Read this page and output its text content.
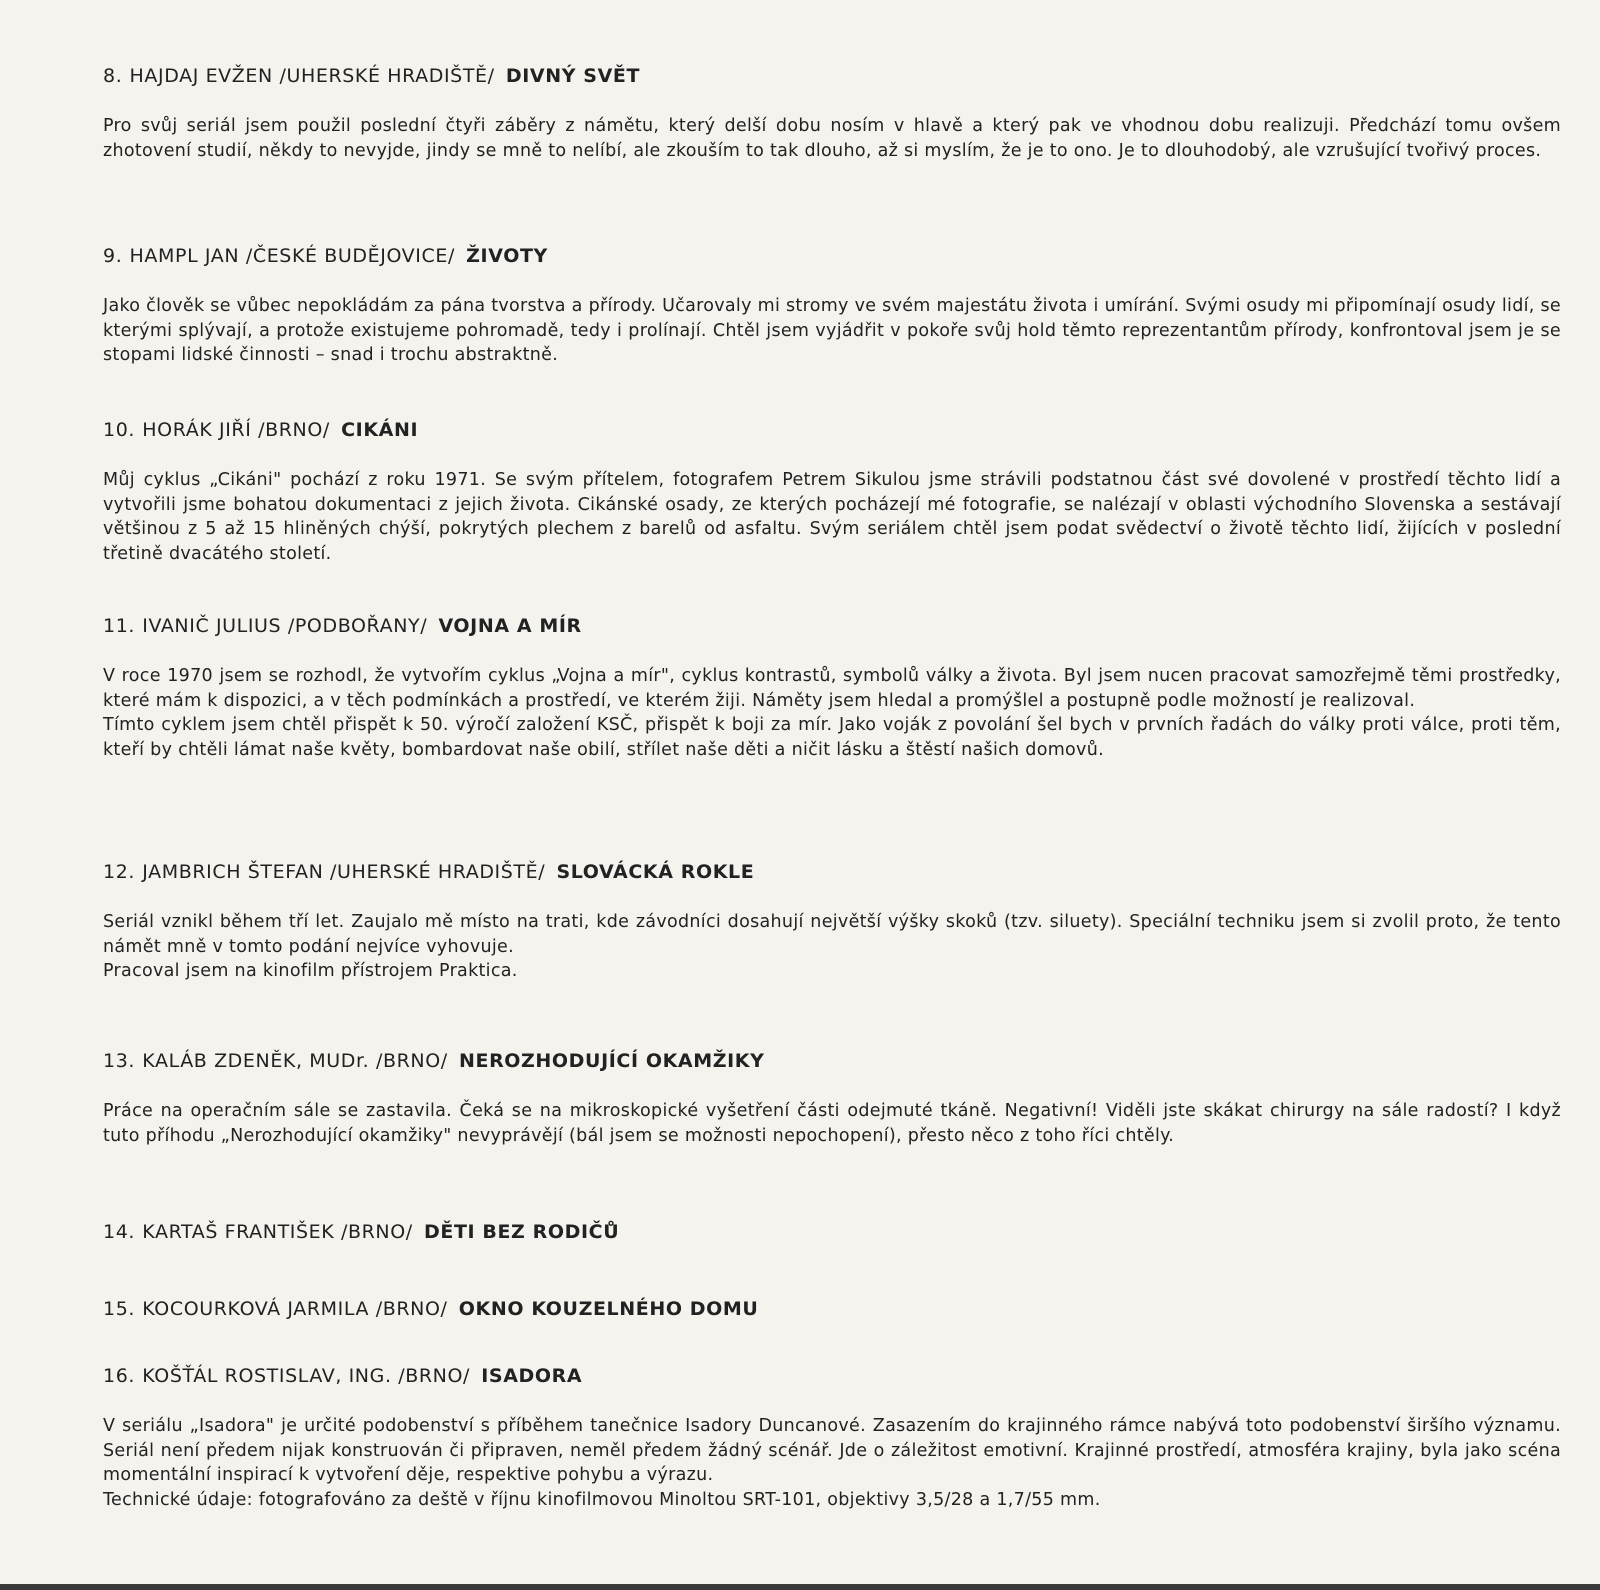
8. HAJDAJ EVŽEN /UHERSKÉ HRADIŠTĚ/ DIVNÝ SVĚT

Pro svůj seriál jsem použil poslední čtyři záběry z námětu, který delší dobu nosím v hlavě a který pak ve vhodnou dobu realizuji. Předchází tomu ovšem zhotovení studií, někdy to nevyjde, jindy se mně to nelíbí, ale zkouším to tak dlouho, až si myslím, že je to ono. Je to dlouhodobý, ale vzrušující tvořivý proces.

9. HAMPL JAN /ČESKÉ BUDĚJOVICE/ ŽIVOTY

Jako člověk se vůbec nepokládám za pána tvorstva a přírody. Učarovaly mi stromy ve svém majestátu života i umírání. Svými osudy mi připomínají osudy lidí, se kterými splývají, a protože existujeme pohromadě, tedy i prolínají. Chtěl jsem vyjádřit v pokoře svůj hold těmto reprezentantům přírody, konfrontoval jsem je se stopami lidské činnosti – snad i trochu abstraktně.

10. HORÁK JIŘÍ /BRNO/ CIKÁNI

Můj cyklus „Cikáni" pochází z roku 1971. Se svým přítelem, fotografem Petrem Sikulou jsme strávili podstatnou část své dovolené v prostředí těchto lidí a vytvořili jsme bohatou dokumentaci z jejich života. Cikánské osady, ze kterých pocházejí mé fotografie, se nalézají v oblasti východního Slovenska a sestávají většinou z 5 až 15 hliněných chýší, pokrytých plechem z barelů od asfaltu. Svým seriálem chtěl jsem podat svědectví o životě těchto lidí, žijících v poslední třetině dvacátého století.

11. IVANIČ JULIUS /PODBOŘANY/ VOJNA A MÍR

V roce 1970 jsem se rozhodl, že vytvořím cyklus „Vojna a mír", cyklus kontrastů, symbolů války a života. Byl jsem nucen pracovat samozřejmě těmi prostředky, které mám k dispozici, a v těch podmínkách a prostředí, ve kterém žiji. Náměty jsem hledal a promýšlel a postupně podle možností je realizoval.

Tímto cyklem jsem chtěl přispět k 50. výročí založení KSČ, přispět k boji za mír. Jako voják z povolání šel bych v prvních řadách do války proti válce, proti těm, kteří by chtěli lámat naše květy, bombardovat naše obilí, střílet naše děti a ničit lásku a štěstí našich domovů.

12. JAMBRICH ŠTEFAN /UHERSKÉ HRADIŠTĚ/ SLOVÁCKÁ ROKLE

Seriál vznikl během tří let. Zaujalo mě místo na trati, kde závodníci dosahují největší výšky skoků (tzv. siluety). Speciální techniku jsem si zvolil proto, že tento námět mně v tomto podání nejvíce vyhovuje.

Pracoval jsem na kinofilm přístrojem Praktica.

13. KALÁB ZDENĚK, MUDr. /BRNO/ NEROZHODUJÍCÍ OKAMŽIKY

Práce na operačním sále se zastavila. Čeká se na mikroskopické vyšetření části odejmuté tkáně. Negativní! Viděli jste skákat chirurgy na sále radostí? I když tuto příhodu „Nerozhodující okamžiky" nevyprávějí (bál jsem se možnosti nepochopení), přesto něco z toho říci chtěly.

14. KARTAŠ FRANTIŠEK /BRNO/ DĚTI BEZ RODIČŮ
15. KOCOURKOVÁ JARMILA /BRNO/ OKNO KOUZELNÉHO DOMU
16. KOŠŤÁL ROSTISLAV, ING. /BRNO/ ISADORA

V seriálu „Isadora" je určité podobenství s příběhem tanečnice Isadory Duncanové. Zasazením do krajinného rámce nabývá toto podobenství širšího významu. Seriál není předem nijak konstruován či připraven, neměl předem žádný scénář. Jde o záležitost emotivní. Krajinné prostředí, atmosféra krajiny, byla jako scéna momentální inspirací k vytvoření děje, respektive pohybu a výrazu.

Technické údaje: fotografováno za deště v říjnu kinofilmovou Minoltou SRT-101, objektivy 3,5/28 a 1,7/55 mm.
